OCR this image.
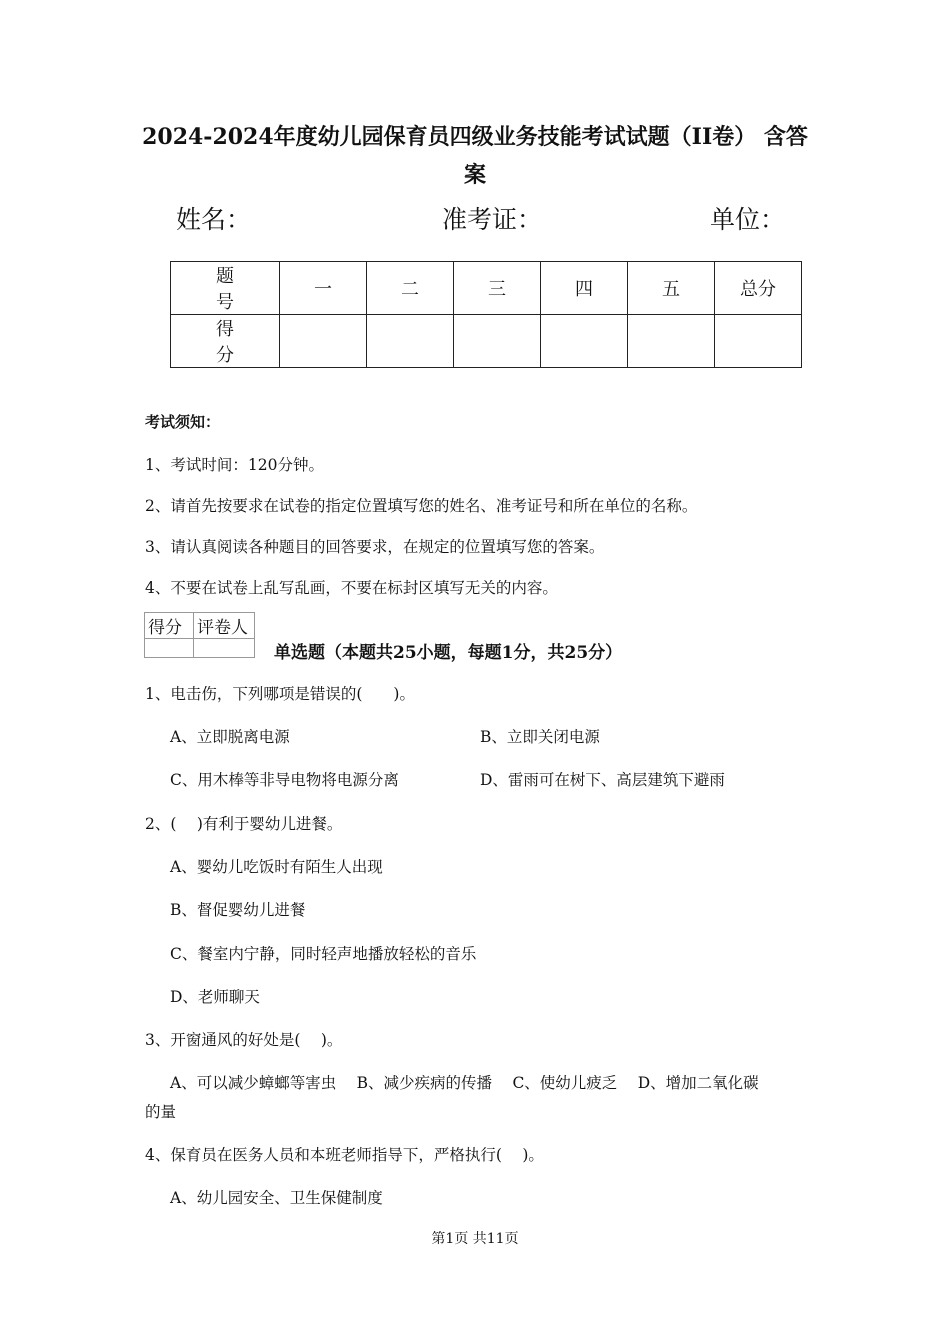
2024-2024年度幼儿园保育员四级业务技能考试试题（II卷） 含答
案
姓名：	准考证：	单位：
题 号	一	二	三	四	五	总分
得 分						
考试须知：
1、考试时间：120分钟。
2、请首先按要求在试卷的指定位置填写您的姓名、准考证号和所在单位的名称。
3、请认真阅读各种题目的回答要求，在规定的位置填写您的答案。
4、不要在试卷上乱写乱画，不要在标封区填写无关的内容。
得分	评卷人

单选题（本题共25小题，每题1分，共25分）
1、电击伤，下列哪项是错误的(　　)。
A、立即脱离电源	B、立即关闭电源
C、用木棒等非导电物将电源分离	D、雷雨可在树下、高层建筑下避雨
2、(　 )有利于婴幼儿进餐。
A、婴幼儿吃饭时有陌生人出现
B、督促婴幼儿进餐
C、餐室内宁静，同时轻声地播放轻松的音乐
D、老师聊天
3、开窗通风的好处是(　 )。
A、可以减少蟑螂等害虫　 B、减少疾病的传播　 C、使幼儿疲乏　 D、增加二氧化碳
的量
4、保育员在医务人员和本班老师指导下，严格执行(　 )。
A、幼儿园安全、卫生保健制度
第1页 共11页
